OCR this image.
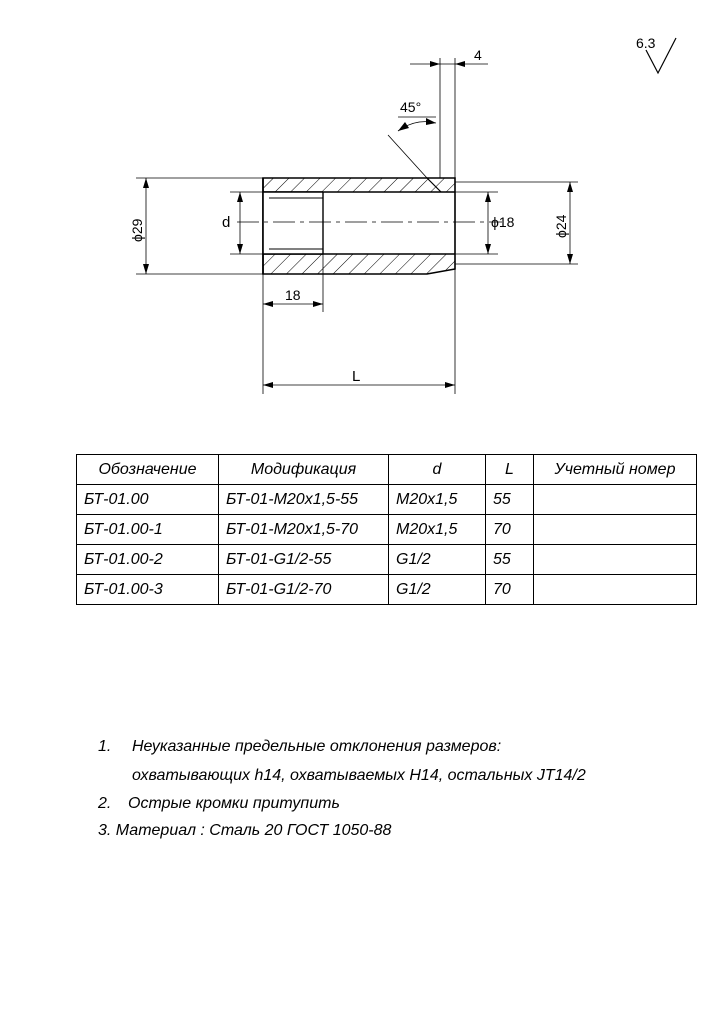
6.3
4
45°
ϕ29	d	ϕ18	ϕ24
18
L
Обозначение	Модификация	d	L	Учетный номер
БТ-01.00	БТ-01-М20х1,5-55	М20х1,5	55	
БТ-01.00-1	БТ-01-М20х1,5-70	М20х1,5	70	
БТ-01.00-2	БТ-01-G1/2-55	G1/2	55	
БТ-01.00-3	БТ-01-G1/2-70	G1/2	70	
1. Неуказанные предельные отклонения размеров:
охватывающих h14, охватываемых Н14, остальных JT14/2
2. Острые кромки притупить
3. Материал : Сталь 20 ГОСТ 1050-88
